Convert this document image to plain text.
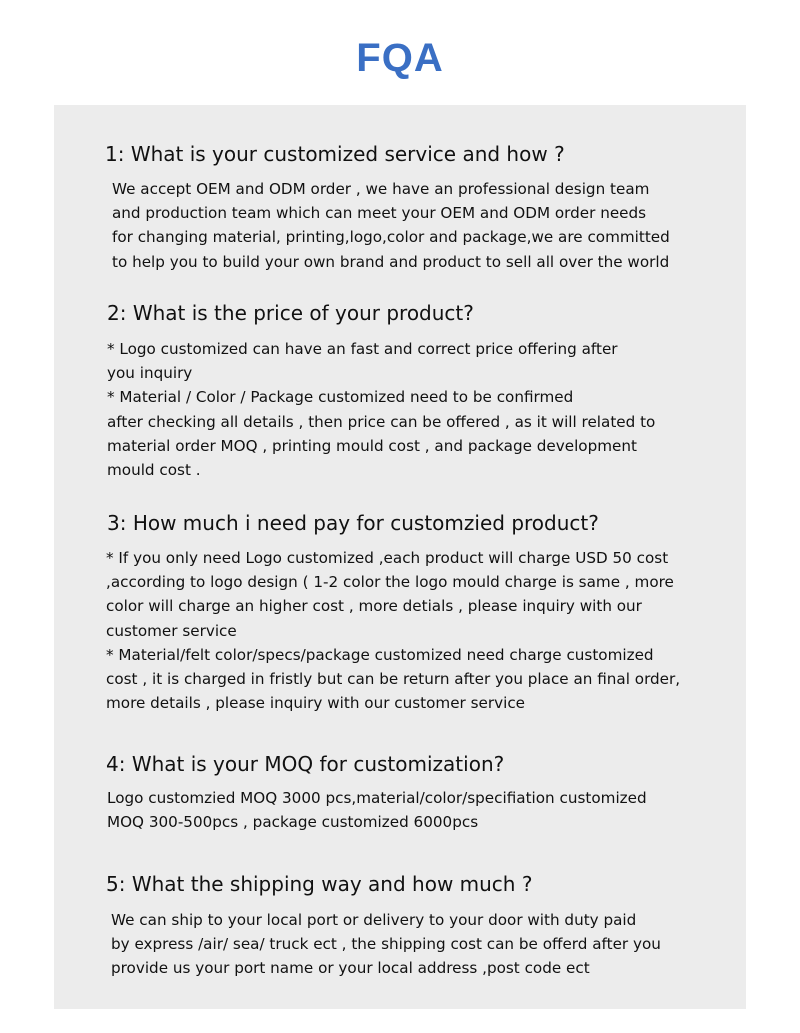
FQA
1: What is your customized service and how ?
We accept OEM and ODM order , we have an professional design team
and production team which can meet your OEM and ODM order needs
for changing material, printing,logo,color and package,we are committed
to help you to build your own brand and product to sell all over the world
2: What is the price of your product?
* Logo customized can have an fast and correct price offering after
you inquiry
* Material / Color / Package customized need to be confirmed
after checking all details , then price can be offered , as it will related to
material order MOQ , printing mould cost , and package development
mould cost .
3: How much i need pay for customzied product?
* If you only need Logo customized ,each product will charge USD 50 cost
,according to logo design ( 1-2 color the logo mould charge is same , more
color will charge an higher cost , more detials , please inquiry with our
customer service
* Material/felt color/specs/package customized need charge customized
cost , it is charged in fristly but can be return after you place an final order,
more details , please inquiry with our customer service
4: What is your MOQ for customization?
Logo customzied MOQ 3000 pcs,material/color/specifiation customized
MOQ 300-500pcs , package customized 6000pcs
5: What the shipping way and how much ?
We can ship to your local port or delivery to your door with duty paid
by express /air/ sea/ truck ect , the shipping cost can be offerd after you
provide us your port name or your local address ,post code ect
